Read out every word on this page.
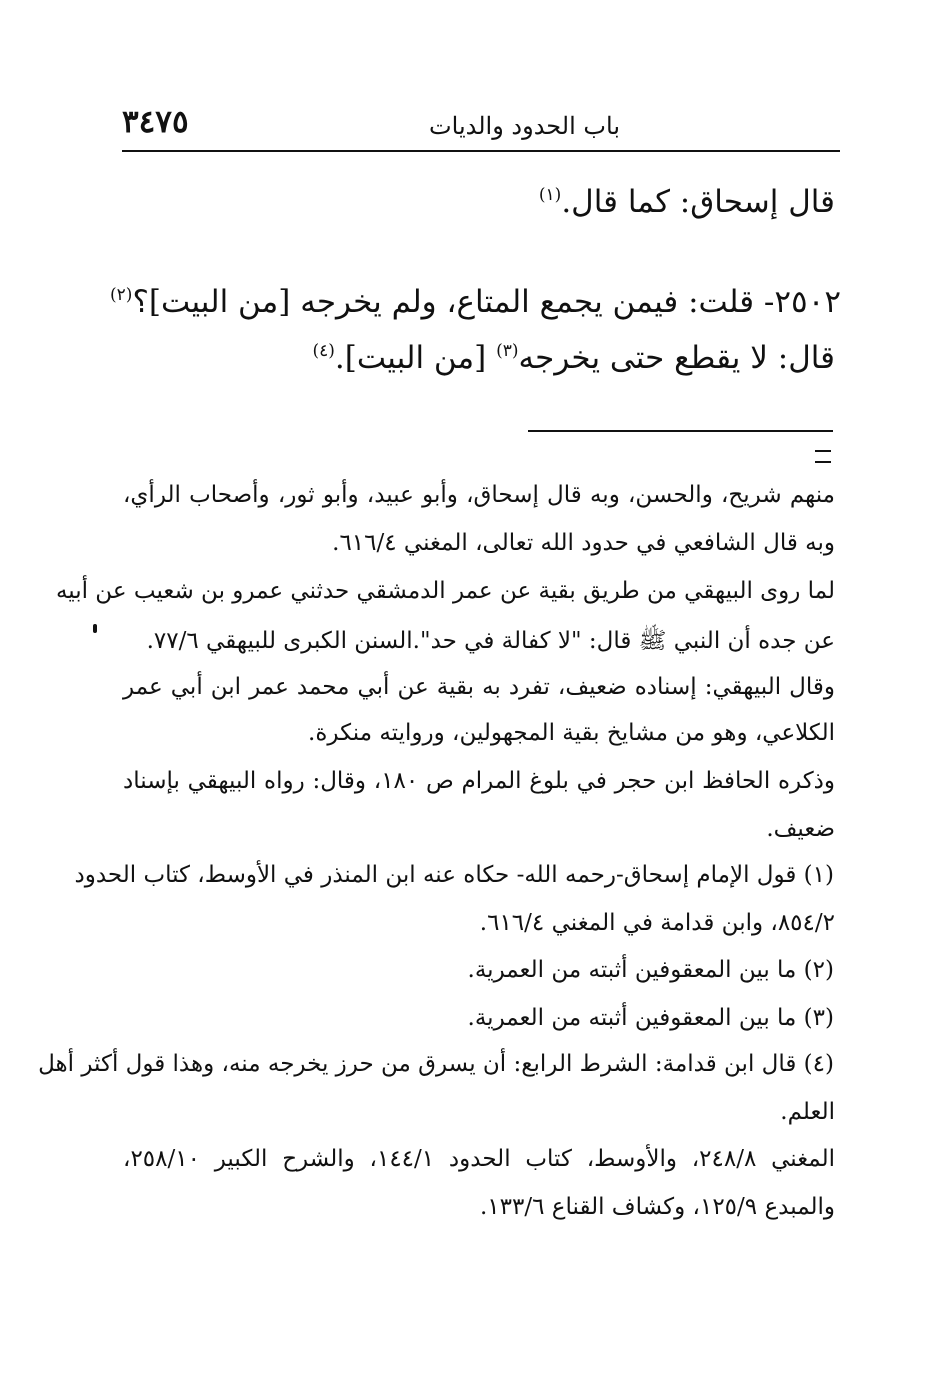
٣٤٧٥	باب الحدود والديات
قال إسحاق: كما قال.$^{(١)}$
٢٥٠٢- قلت: فيمن يجمع المتاع، ولم يخرجه [من البيت]؟$^{(٢)}$
قال: لا يقطع حتى يخرجه$^{(٣)}$ [من البيت].$^{(٤)}$
منهم شريح، والحسن، وبه قال إسحاق، وأبو عبيد، وأبو ثور، وأصحاب الرأي،
وبه قال الشافعي في حدود الله تعالى، المغني ٦١٦/٤.
لما روى البيهقي من طريق بقية عن عمر الدمشقي حدثني عمرو بن شعيب عن أبيه
عن جده أن النبي ﷺ قال: "لا كفالة في حد".السنن الكبرى للبيهقي ٧٧/٦.
وقال البيهقي: إسناده ضعيف، تفرد به بقية عن أبي محمد عمر ابن أبي عمر
الكلاعي، وهو من مشايخ بقية المجهولين، وروايته منكرة.
وذكره الحافظ ابن حجر في بلوغ المرام ص ١٨٠، وقال: رواه البيهقي بإسناد
ضعيف.
(١) قول الإمام إسحاق-رحمه الله- حكاه عنه ابن المنذر في الأوسط، كتاب الحدود
٨٥٤/٢، وابن قدامة في المغني ٦١٦/٤.
(٢) ما بين المعقوفين أثبته من العمرية.
(٣) ما بين المعقوفين أثبته من العمرية.
(٤) قال ابن قدامة: الشرط الرابع: أن يسرق من حرز يخرجه منه، وهذا قول أكثر أهل
العلم.
المغني ٢٤٨/٨، والأوسط، كتاب الحدود ١٤٤/١، والشرح الكبير ٢٥٨/١٠،
والمبدع ١٢٥/٩، وكشاف القناع ١٣٣/٦.
